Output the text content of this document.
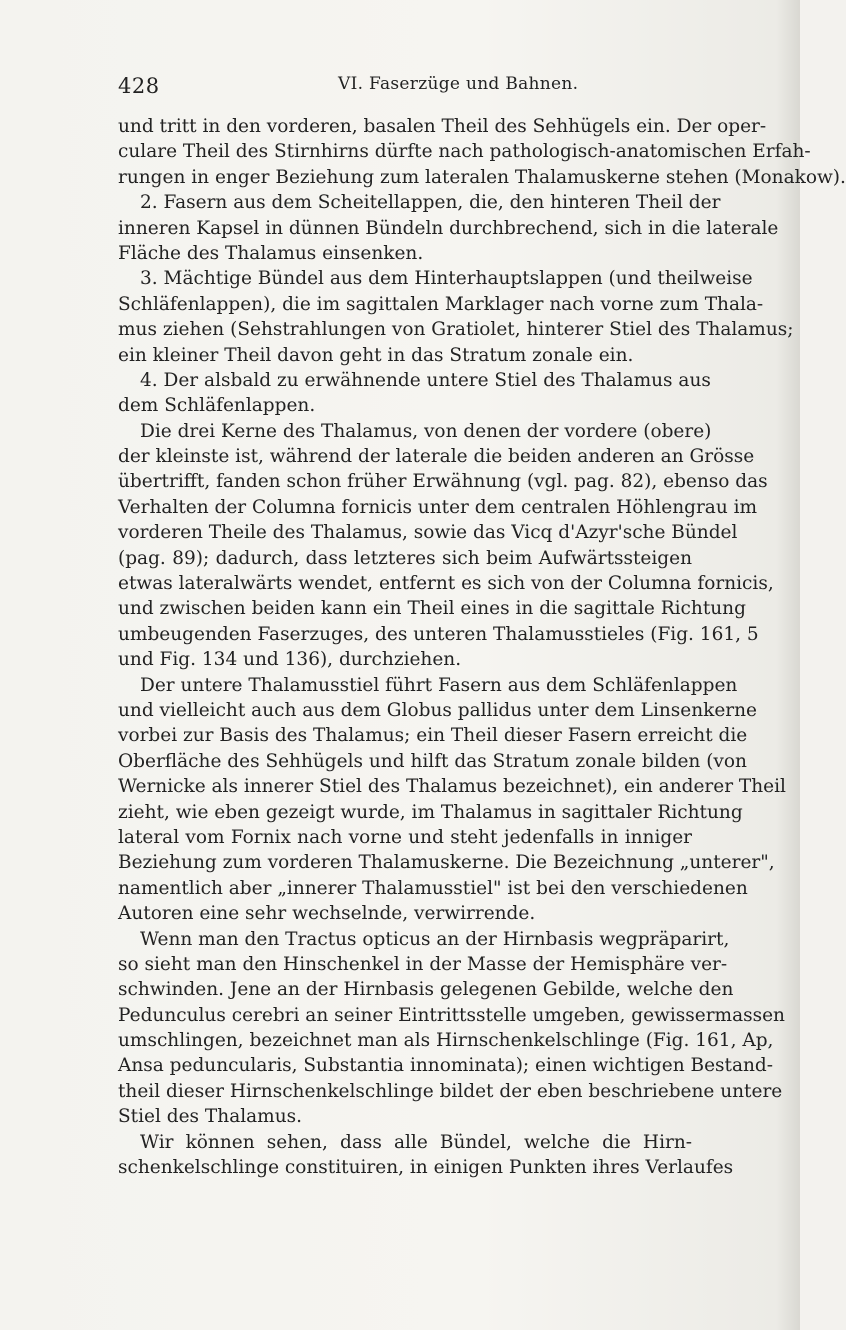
428	VI. Faserzüge und Bahnen.
und tritt in den vorderen, basalen Theil des Sehhügels ein. Der oper-
culare Theil des Stirnhirns dürfte nach pathologisch-anatomischen Erfah-
rungen in enger Beziehung zum lateralen Thalamuskerne stehen (Monakow).
2. Fasern aus dem Scheitellappen, die, den hinteren Theil der
inneren Kapsel in dünnen Bündeln durchbrechend, sich in die laterale
Fläche des Thalamus einsenken.
3. Mächtige Bündel aus dem Hinterhauptslappen (und theilweise
Schläfenlappen), die im sagittalen Marklager nach vorne zum Thala-
mus ziehen (Sehstrahlungen von Gratiolet, hinterer Stiel des Thalamus;
ein kleiner Theil davon geht in das Stratum zonale ein.
4. Der alsbald zu erwähnende untere Stiel des Thalamus aus
dem Schläfenlappen.
Die drei Kerne des Thalamus, von denen der vordere (obere)
der kleinste ist, während der laterale die beiden anderen an Grösse
übertrifft, fanden schon früher Erwähnung (vgl. pag. 82), ebenso das
Verhalten der Columna fornicis unter dem centralen Höhlengrau im
vorderen Theile des Thalamus, sowie das Vicq d'Azyr'sche Bündel
(pag. 89); dadurch, dass letzteres sich beim Aufwärtssteigen
etwas lateralwärts wendet, entfernt es sich von der Columna fornicis,
und zwischen beiden kann ein Theil eines in die sagittale Richtung
umbeugenden Faserzuges, des unteren Thalamusstieles (Fig. 161, 5
und Fig. 134 und 136), durchziehen.
Der untere Thalamusstiel führt Fasern aus dem Schläfenlappen
und vielleicht auch aus dem Globus pallidus unter dem Linsenkerne
vorbei zur Basis des Thalamus; ein Theil dieser Fasern erreicht die
Oberfläche des Sehhügels und hilft das Stratum zonale bilden (von
Wernicke als innerer Stiel des Thalamus bezeichnet), ein anderer Theil
zieht, wie eben gezeigt wurde, im Thalamus in sagittaler Richtung
lateral vom Fornix nach vorne und steht jedenfalls in inniger
Beziehung zum vorderen Thalamuskerne. Die Bezeichnung „unterer",
namentlich aber „innerer Thalamusstiel" ist bei den verschiedenen
Autoren eine sehr wechselnde, verwirrende.
Wenn man den Tractus opticus an der Hirnbasis wegpräparirt,
so sieht man den Hinschenkel in der Masse der Hemisphäre ver-
schwinden. Jene an der Hirnbasis gelegenen Gebilde, welche den
Pedunculus cerebri an seiner Eintrittsstelle umgeben, gewissermassen
umschlingen, bezeichnet man als Hirnschenkelschlinge (Fig. 161, Ap,
Ansa peduncularis, Substantia innominata); einen wichtigen Bestand-
theil dieser Hirnschenkelschlinge bildet der eben beschriebene untere
Stiel des Thalamus.
Wir können sehen, dass alle Bündel, welche die Hirn-
schenkelschlinge constituiren, in einigen Punkten ihres Verlaufes
